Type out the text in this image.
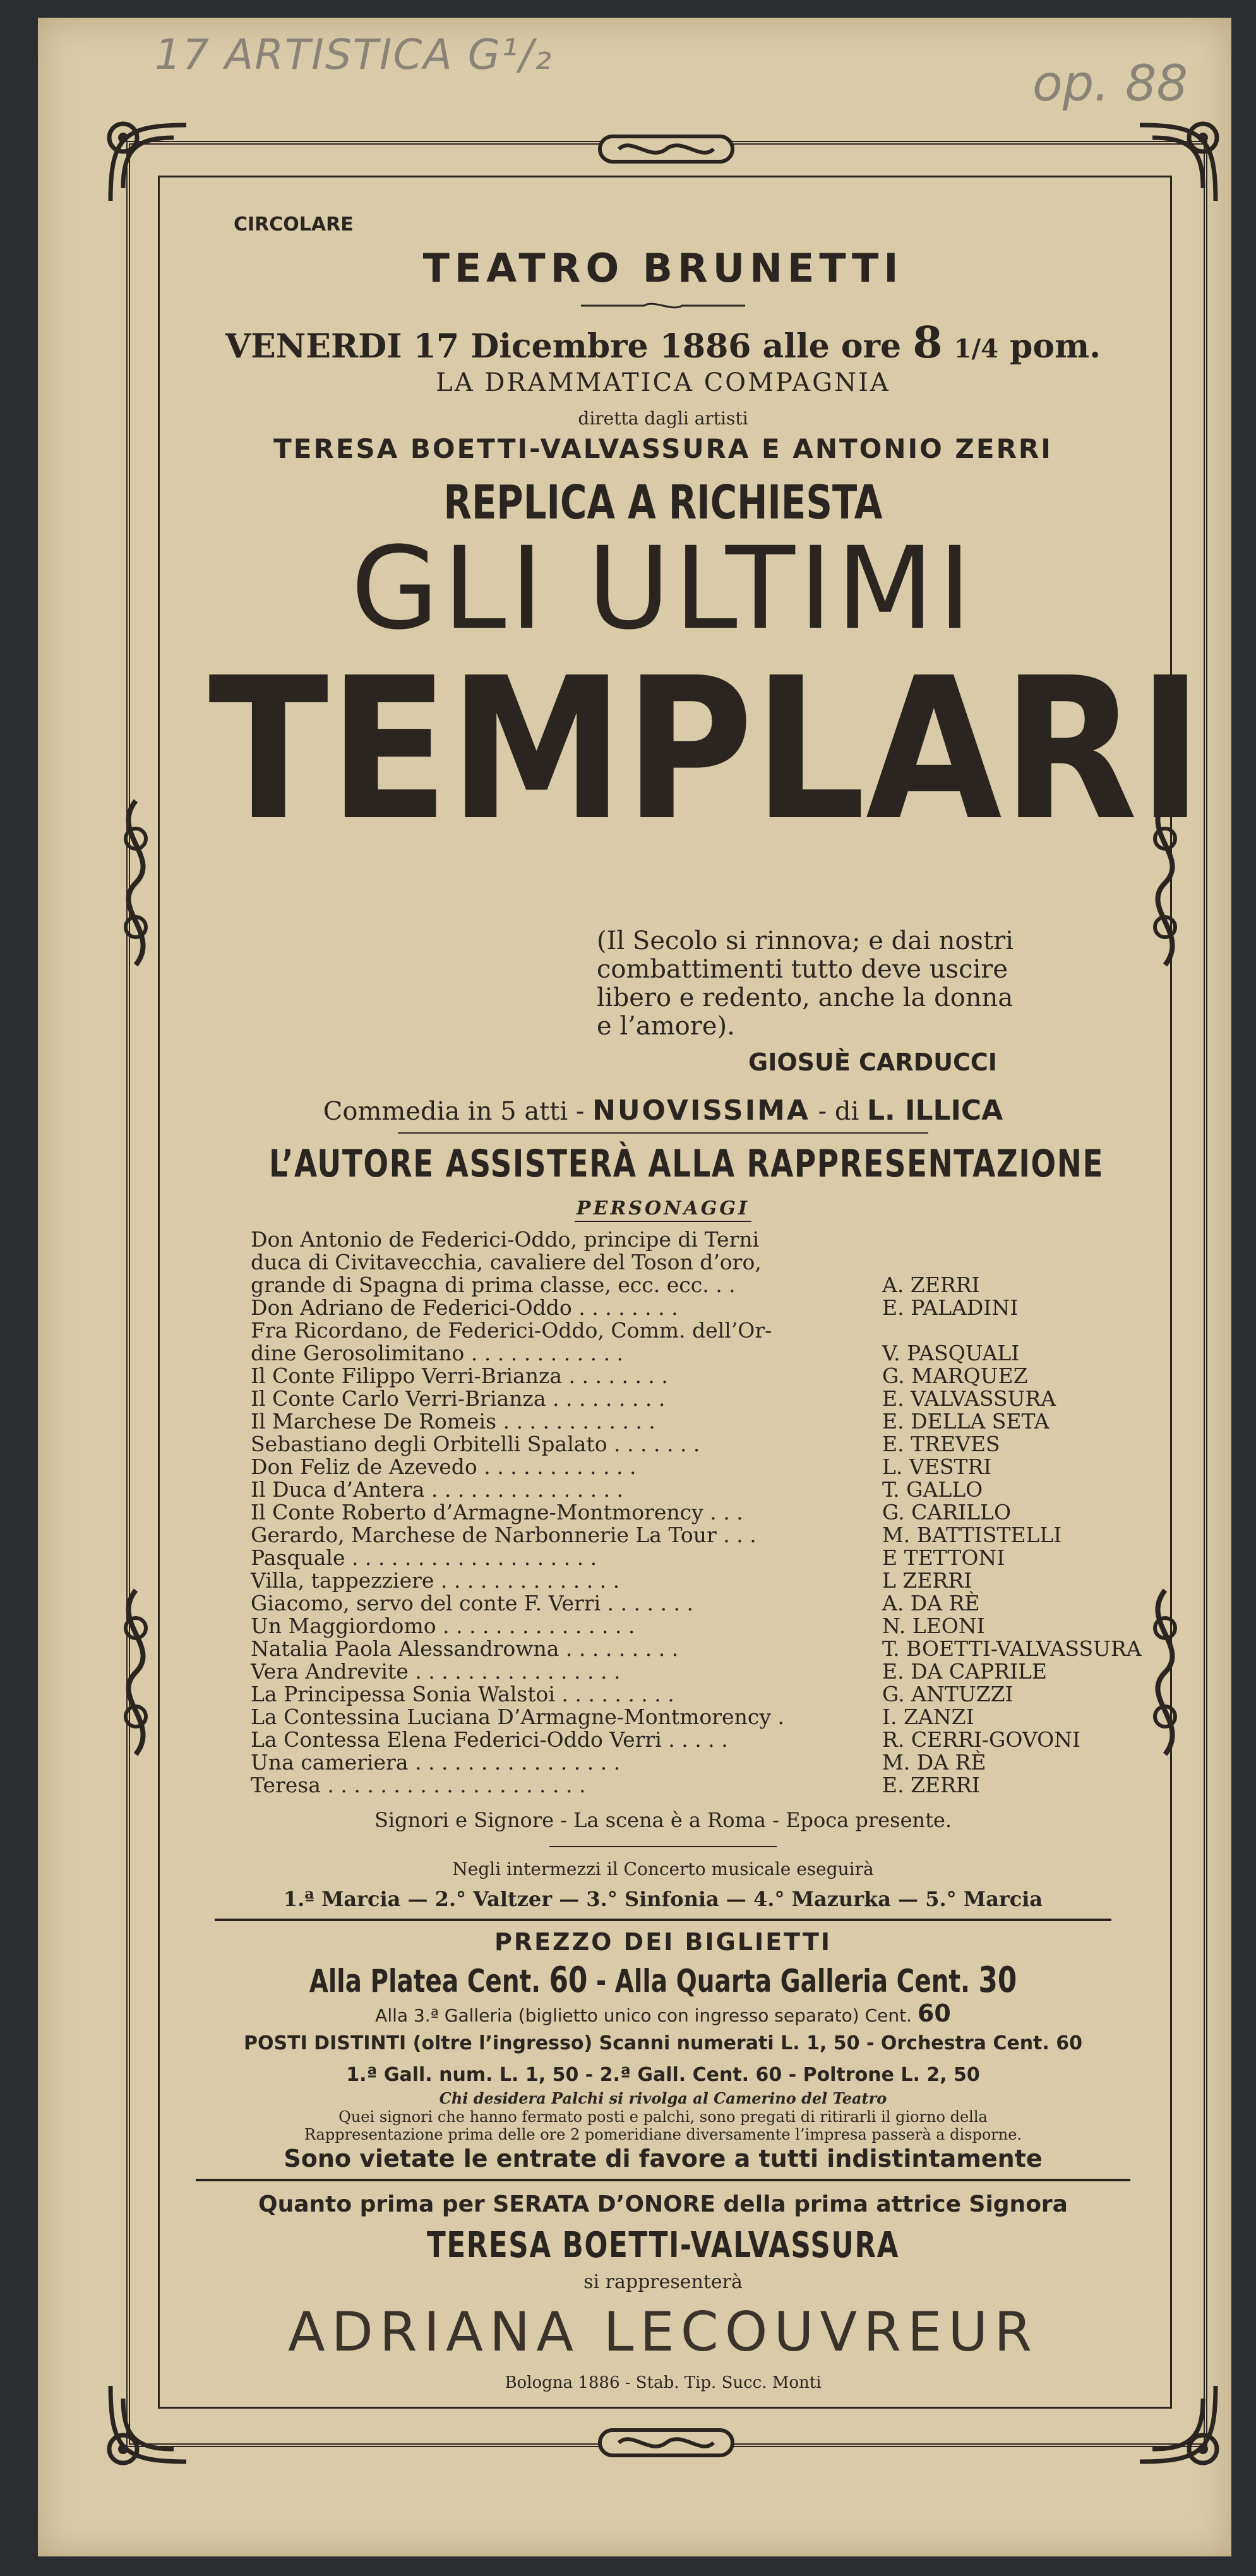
17 ARTISTICA G¹/₂
op. 88
CIRCOLARE
TEATRO BRUNETTI
VENERDI 17 Dicembre 1886 alle ore 8 1/4 pom.
LA DRAMMATICA COMPAGNIA
diretta dagli artisti
TERESA BOETTI-VALVASSURA E ANTONIO ZERRI
REPLICA A RICHIESTA
GLI ULTIMI
TEMPLARI
(Il Secolo si rinnova; e dai nostri
combattimenti tutto deve uscire
libero e redento, anche la donna
e l’amore).
GIOSUÈ CARDUCCI
Commedia in 5 atti - NUOVISSIMA - di L. ILLICA
L’AUTORE ASSISTERÀ ALLA RAPPRESENTAZIONE
PERSONAGGI
Don Antonio de Federici-Oddo, principe di Terni
duca di Civitavecchia, cavaliere del Toson d’oro,
grande di Spagna di prima classe, ecc. ecc. . .	A. ZERRI
Don Adriano de Federici-Oddo . . . . . . . .	E. PALADINI
Fra Ricordano, de Federici-Oddo, Comm. dell’Or-
dine Gerosolimitano . . . . . . . . . . . .	V. PASQUALI
Il Conte Filippo Verri-Brianza . . . . . . . .	G. MARQUEZ
Il Conte Carlo Verri-Brianza . . . . . . . . .	E. VALVASSURA
Il Marchese De Romeis . . . . . . . . . . . .	E. DELLA SETA
Sebastiano degli Orbitelli Spalato . . . . . . .	E. TREVES
Don Feliz de Azevedo . . . . . . . . . . . .	L. VESTRI
Il Duca d’Antera . . . . . . . . . . . . . . .	T. GALLO
Il Conte Roberto d’Armagne-Montmorency . . .	G. CARILLO
Gerardo, Marchese de Narbonnerie La Tour . . .	M. BATTISTELLI
Pasquale . . . . . . . . . . . . . . . . . . .	E TETTONI
Villa, tappezziere . . . . . . . . . . . . . .	L ZERRI
Giacomo, servo del conte F. Verri . . . . . . .	A. DA RÈ
Un Maggiordomo . . . . . . . . . . . . . . .	N. LEONI
Natalia Paola Alessandrowna . . . . . . . . .	T. BOETTI-VALVASSURA
Vera Andrevite . . . . . . . . . . . . . . . .	E. DA CAPRILE
La Principessa Sonia Walstoi . . . . . . . . .	G. ANTUZZI
La Contessina Luciana D’Armagne-Montmorency .	I. ZANZI
La Contessa Elena Federici-Oddo Verri . . . . .	R. CERRI-GOVONI
Una cameriera . . . . . . . . . . . . . . . .	M. DA RÈ
Teresa . . . . . . . . . . . . . . . . . . . .	E. ZERRI
Signori e Signore - La scena è a Roma - Epoca presente.
Negli intermezzi il Concerto musicale eseguirà
1.ª Marcia — 2.° Valtzer — 3.° Sinfonia — 4.° Mazurka — 5.° Marcia
PREZZO DEI BIGLIETTI
Alla Platea Cent. 60 - Alla Quarta Galleria Cent. 30
Alla 3.ª Galleria (biglietto unico con ingresso separato) Cent. 60
POSTI DISTINTI (oltre l’ingresso) Scanni numerati L. 1, 50 - Orchestra Cent. 60
1.ª Gall. num. L. 1, 50 - 2.ª Gall. Cent. 60 - Poltrone L. 2, 50
Chi desidera Palchi si rivolga al Camerino del Teatro
Quei signori che hanno fermato posti e palchi, sono pregati di ritirarli il giorno della
Rappresentazione prima delle ore 2 pomeridiane diversamente l’impresa passerà a disporne.
Sono vietate le entrate di favore a tutti indistintamente
Quanto prima per SERATA D’ONORE della prima attrice Signora
TERESA BOETTI-VALVASSURA
si rappresenterà
ADRIANA LECOUVREUR
Bologna 1886 - Stab. Tip. Succ. Monti
